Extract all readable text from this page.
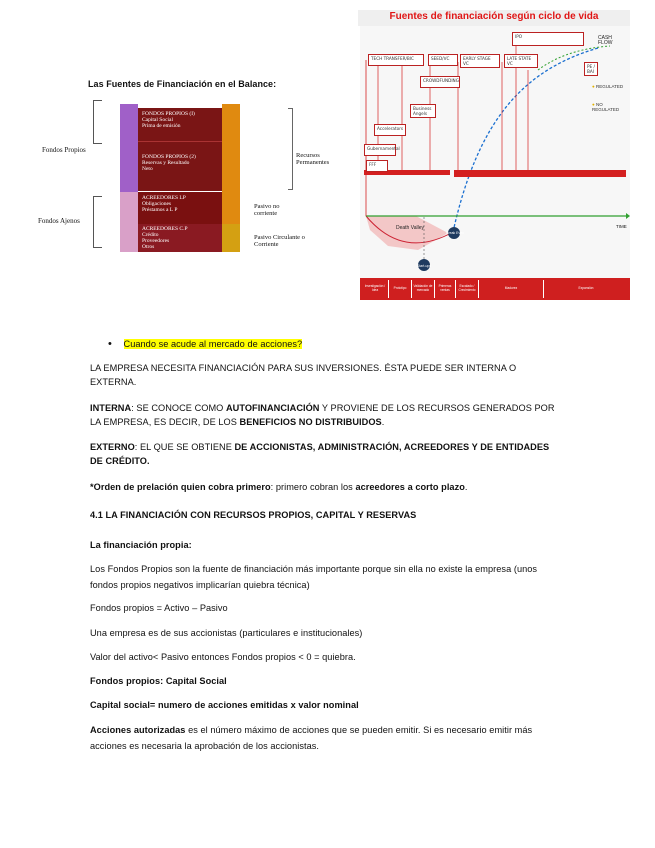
Las Fuentes de Financiación en el Balance:
Fondos Propios
Fondos Ajenos
FONDOS PROPIOS (I)
Capital Social
Prima de emisión
FONDOS PROPIOS (2)
Reservas y Resultado
Neto
ACREEDORES LP
Obligaciones
Préstamos a L P
ACREEDORES C.P
Crédito
Proveedores
Otros
Recursos
Permanentes
Pasivo no
corriente
Pasivo Circulante o
Corriente
Fuentes de financiación según ciclo de vida
IPO
TECH TRANSFER/BIC	SEED/VC	EARLY STAGE VC
LATE STATE VC
PE / BAI
CROWDFUNDING
Business Angels
Accelerators
Gubernamental
FFF
CASH
FLOW
● REGULATED
● NO REGULATED
TIME
Death Valley
Break Even
Start-ups
Investigación / Idea	Prototipo	Validación de mercado
Primeras ventas
Escalado / Crecimiento	Madurez	Expansión
• Cuando se acude al mercado de acciones?
LA EMPRESA NECESITA FINANCIACIÓN PARA SUS INVERSIONES. ÉSTA PUEDE SER INTERNA O EXTERNA.
INTERNA: SE CONOCE COMO AUTOFINANCIACIÓN Y PROVIENE DE LOS RECURSOS GENERADOS POR LA EMPRESA, ES DECIR, DE LOS BENEFICIOS NO DISTRIBUIDOS.
EXTERNO: EL QUE SE OBTIENE DE ACCIONISTAS, ADMINISTRACIÓN, ACREEDORES Y DE ENTIDADES DE CRÉDITO.
*Orden de prelación quien cobra primero: primero cobran los acreedores a corto plazo.
4.1 LA FINANCIACIÓN CON RECURSOS PROPIOS, CAPITAL Y RESERVAS
La financiación propia:
Los Fondos Propios son la fuente de financiación más importante porque sin ella no existe la empresa (unos fondos propios negativos implicarían quiebra técnica)
Fondos propios = Activo – Pasivo
Una empresa es de sus accionistas (particulares e institucionales)
Valor del activo< Pasivo entonces Fondos propios < 0 = quiebra.
Fondos propios: Capital Social
Capital social= numero de acciones emitidas x valor nominal
Acciones autorizadas es el número máximo de acciones que se pueden emitir. Si es necesario emitir más acciones es necesaria la aprobación de los accionistas.
